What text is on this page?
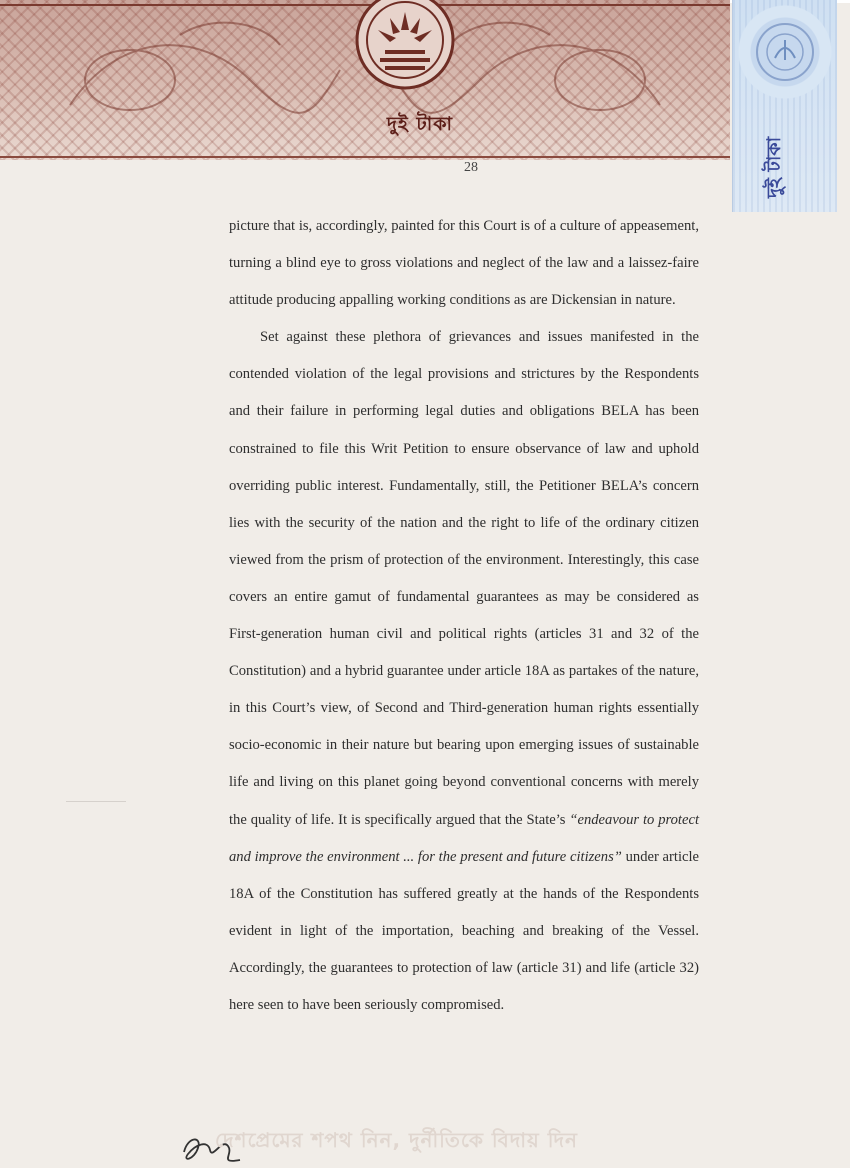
দুই টাকা
28	দুই টাকা

picture that is, accordingly, painted for this Court is of a culture of appeasement, turning a blind eye to gross violations and neglect of the law and a laissez-faire attitude producing appalling working conditions as are Dickensian in nature.

Set against these plethora of grievances and issues manifested in the contended violation of the legal provisions and strictures by the Respondents and their failure in performing legal duties and obligations BELA has been constrained to file this Writ Petition to ensure observance of law and uphold overriding public interest. Fundamentally, still, the Petitioner BELA’s concern lies with the security of the nation and the right to life of the ordinary citizen viewed from the prism of protection of the environment. Interestingly, this case covers an entire gamut of fundamental guarantees as may be considered as First-generation human civil and political rights (articles 31 and 32 of the Constitution) and a hybrid guarantee under article 18A as partakes of the nature, in this Court’s view, of Second and Third-generation human rights essentially socio-economic in their nature but bearing upon emerging issues of sustainable life and living on this planet going beyond conventional concerns with merely the quality of life. It is specifically argued that the State’s “endeavour to protect and improve the environment ... for the present and future citizens” under article 18A of the Constitution has suffered greatly at the hands of the Respondents evident in light of the importation, beaching and breaking of the Vessel. Accordingly, the guarantees to protection of law (article 31) and life (article 32) here seen to have been seriously compromised.

দেশপ্রেমের শপথ নিন, দুর্নীতিকে বিদায় দিন
